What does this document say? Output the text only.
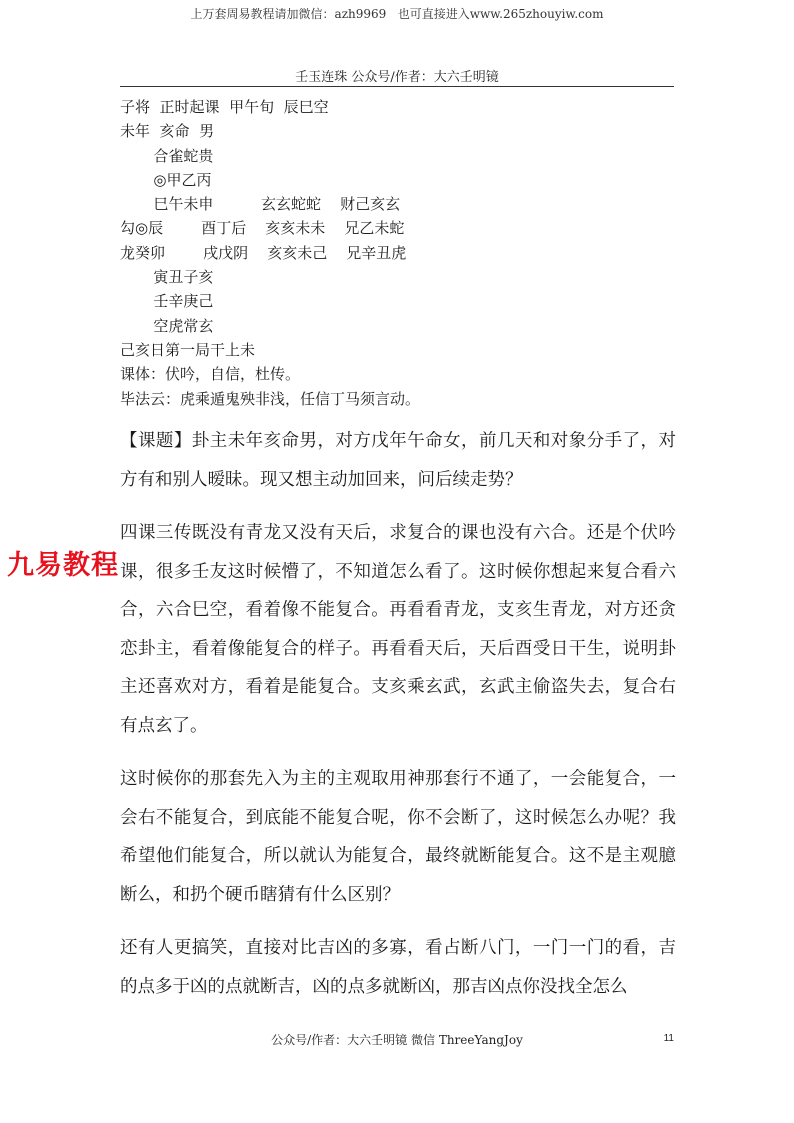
上万套周易教程请加微信：azh9969   也可直接进入www.265zhouyiw.com
壬玉连珠 公众号/作者：大六壬明镜
子将  正时起课  甲午旬  辰巳空
未年  亥命  男
合雀蛇贵
◎甲乙丙
巳午未申          玄玄蛇蛇    财己亥玄
勾◎辰        酉丁后    亥亥未未    兄乙未蛇
龙癸卯        戌戊阴    亥亥未己    兄辛丑虎
寅丑子亥
壬辛庚己
空虎常玄
己亥日第一局干上未
课体：伏吟，自信，杜传。
毕法云：虎乘遁鬼殃非浅，任信丁马须言动。

【课题】卦主未年亥命男，对方戊年午命女，前几天和对象分手了，对方有和别人暧昧。现又想主动加回来，问后续走势？

四课三传既没有青龙又没有天后，求复合的课也没有六合。还是个伏吟课，很多壬友这时候懵了，不知道怎么看了。这时候你想起来复合看六合，六合巳空，看着像不能复合。再看看青龙，支亥生青龙，对方还贪恋卦主，看着像能复合的样子。再看看天后，天后酉受日干生，说明卦主还喜欢对方，看着是能复合。支亥乘玄武，玄武主偷盗失去，复合右有点玄了。

这时候你的那套先入为主的主观取用神那套行不通了，一会能复合，一会右不能复合，到底能不能复合呢，你不会断了，这时候怎么办呢？我希望他们能复合，所以就认为能复合，最终就断能复合。这不是主观臆断么，和扔个硬币瞎猜有什么区别？

还有人更搞笑，直接对比吉凶的多寡，看占断八门，一门一门的看，吉的点多于凶的点就断吉，凶的点多就断凶，那吉凶点你没找全怎么

九易教程
公众号/作者：大六壬明镜 微信 ThreeYangJoy	11
